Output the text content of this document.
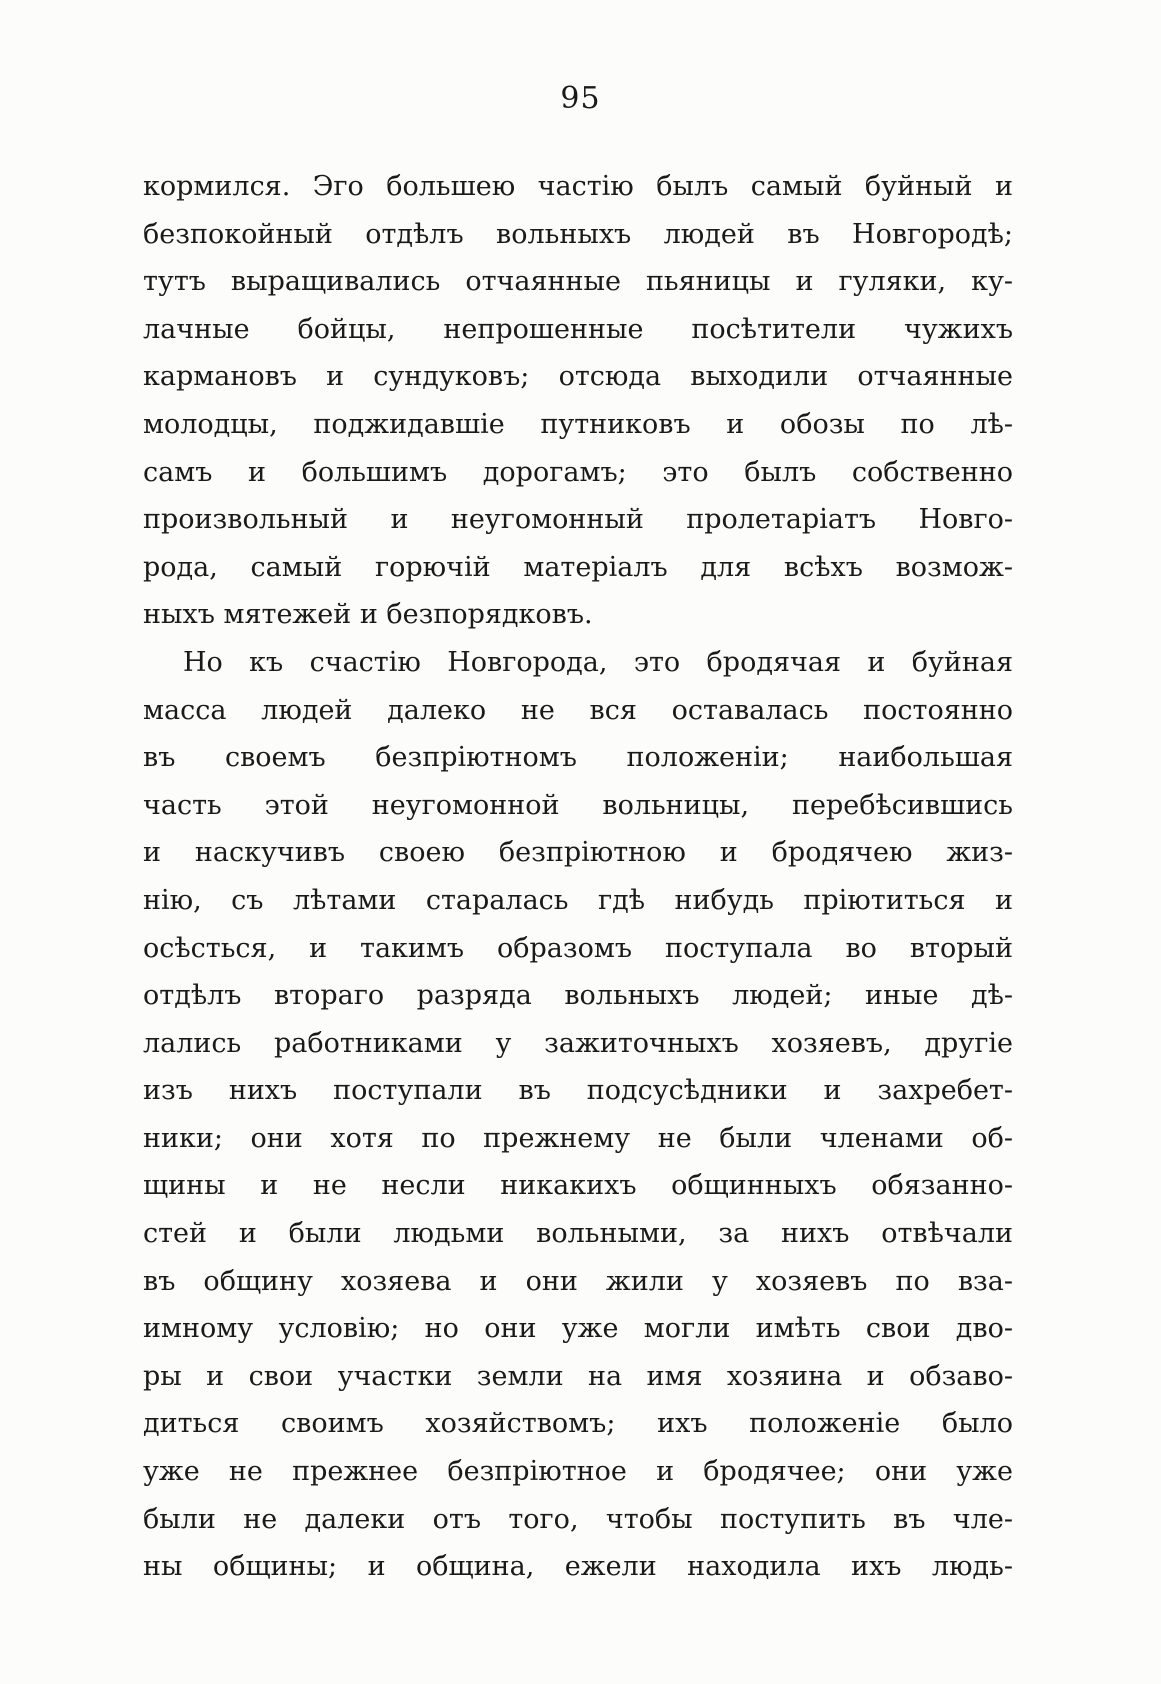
95
кормился. Эго большею частію былъ самый буйный и
безпокойный отдѣлъ вольныхъ людей въ Новгородѣ;
тутъ выращивались отчаянные пьяницы и гуляки, ку-
лачные бойцы, непрошенные посѣтители чужихъ
кармановъ и сундуковъ; отсюда выходили отчаянные
молодцы, поджидавшіе путниковъ и обозы по лѣ-
самъ и большимъ дорогамъ; это былъ собственно
произвольный и неугомонный пролетаріатъ Новго-
рода, самый горючій матеріалъ для всѣхъ возмож-
ныхъ мятежей и безпорядковъ.
Но къ счастію Новгорода, это бродячая и буйная
масса людей далеко не вся оставалась постоянно
въ своемъ безпріютномъ положеніи; наибольшая
часть этой неугомонной вольницы, перебѣсившись
и наскучивъ своею безпріютною и бродячею жиз-
нію, съ лѣтами старалась гдѣ нибудь пріютиться и
осѣсться, и такимъ образомъ поступала во вторый
отдѣлъ втораго разряда вольныхъ людей; иные дѣ-
лались работниками у зажиточныхъ хозяевъ, другіе
изъ нихъ поступали въ подсусѣдники и захребет-
ники; они хотя по прежнему не были членами об-
щины и не несли никакихъ общинныхъ обязанно-
стей и были людьми вольными, за нихъ отвѣчали
въ общину хозяева и они жили у хозяевъ по вза-
имному условію; но они уже могли имѣть свои дво-
ры и свои участки земли на имя хозяина и обзаво-
диться своимъ хозяйствомъ; ихъ положеніе было
уже не прежнее безпріютное и бродячее; они уже
были не далеки отъ того, чтобы поступить въ чле-
ны общины; и община, ежели находила ихъ людь-
